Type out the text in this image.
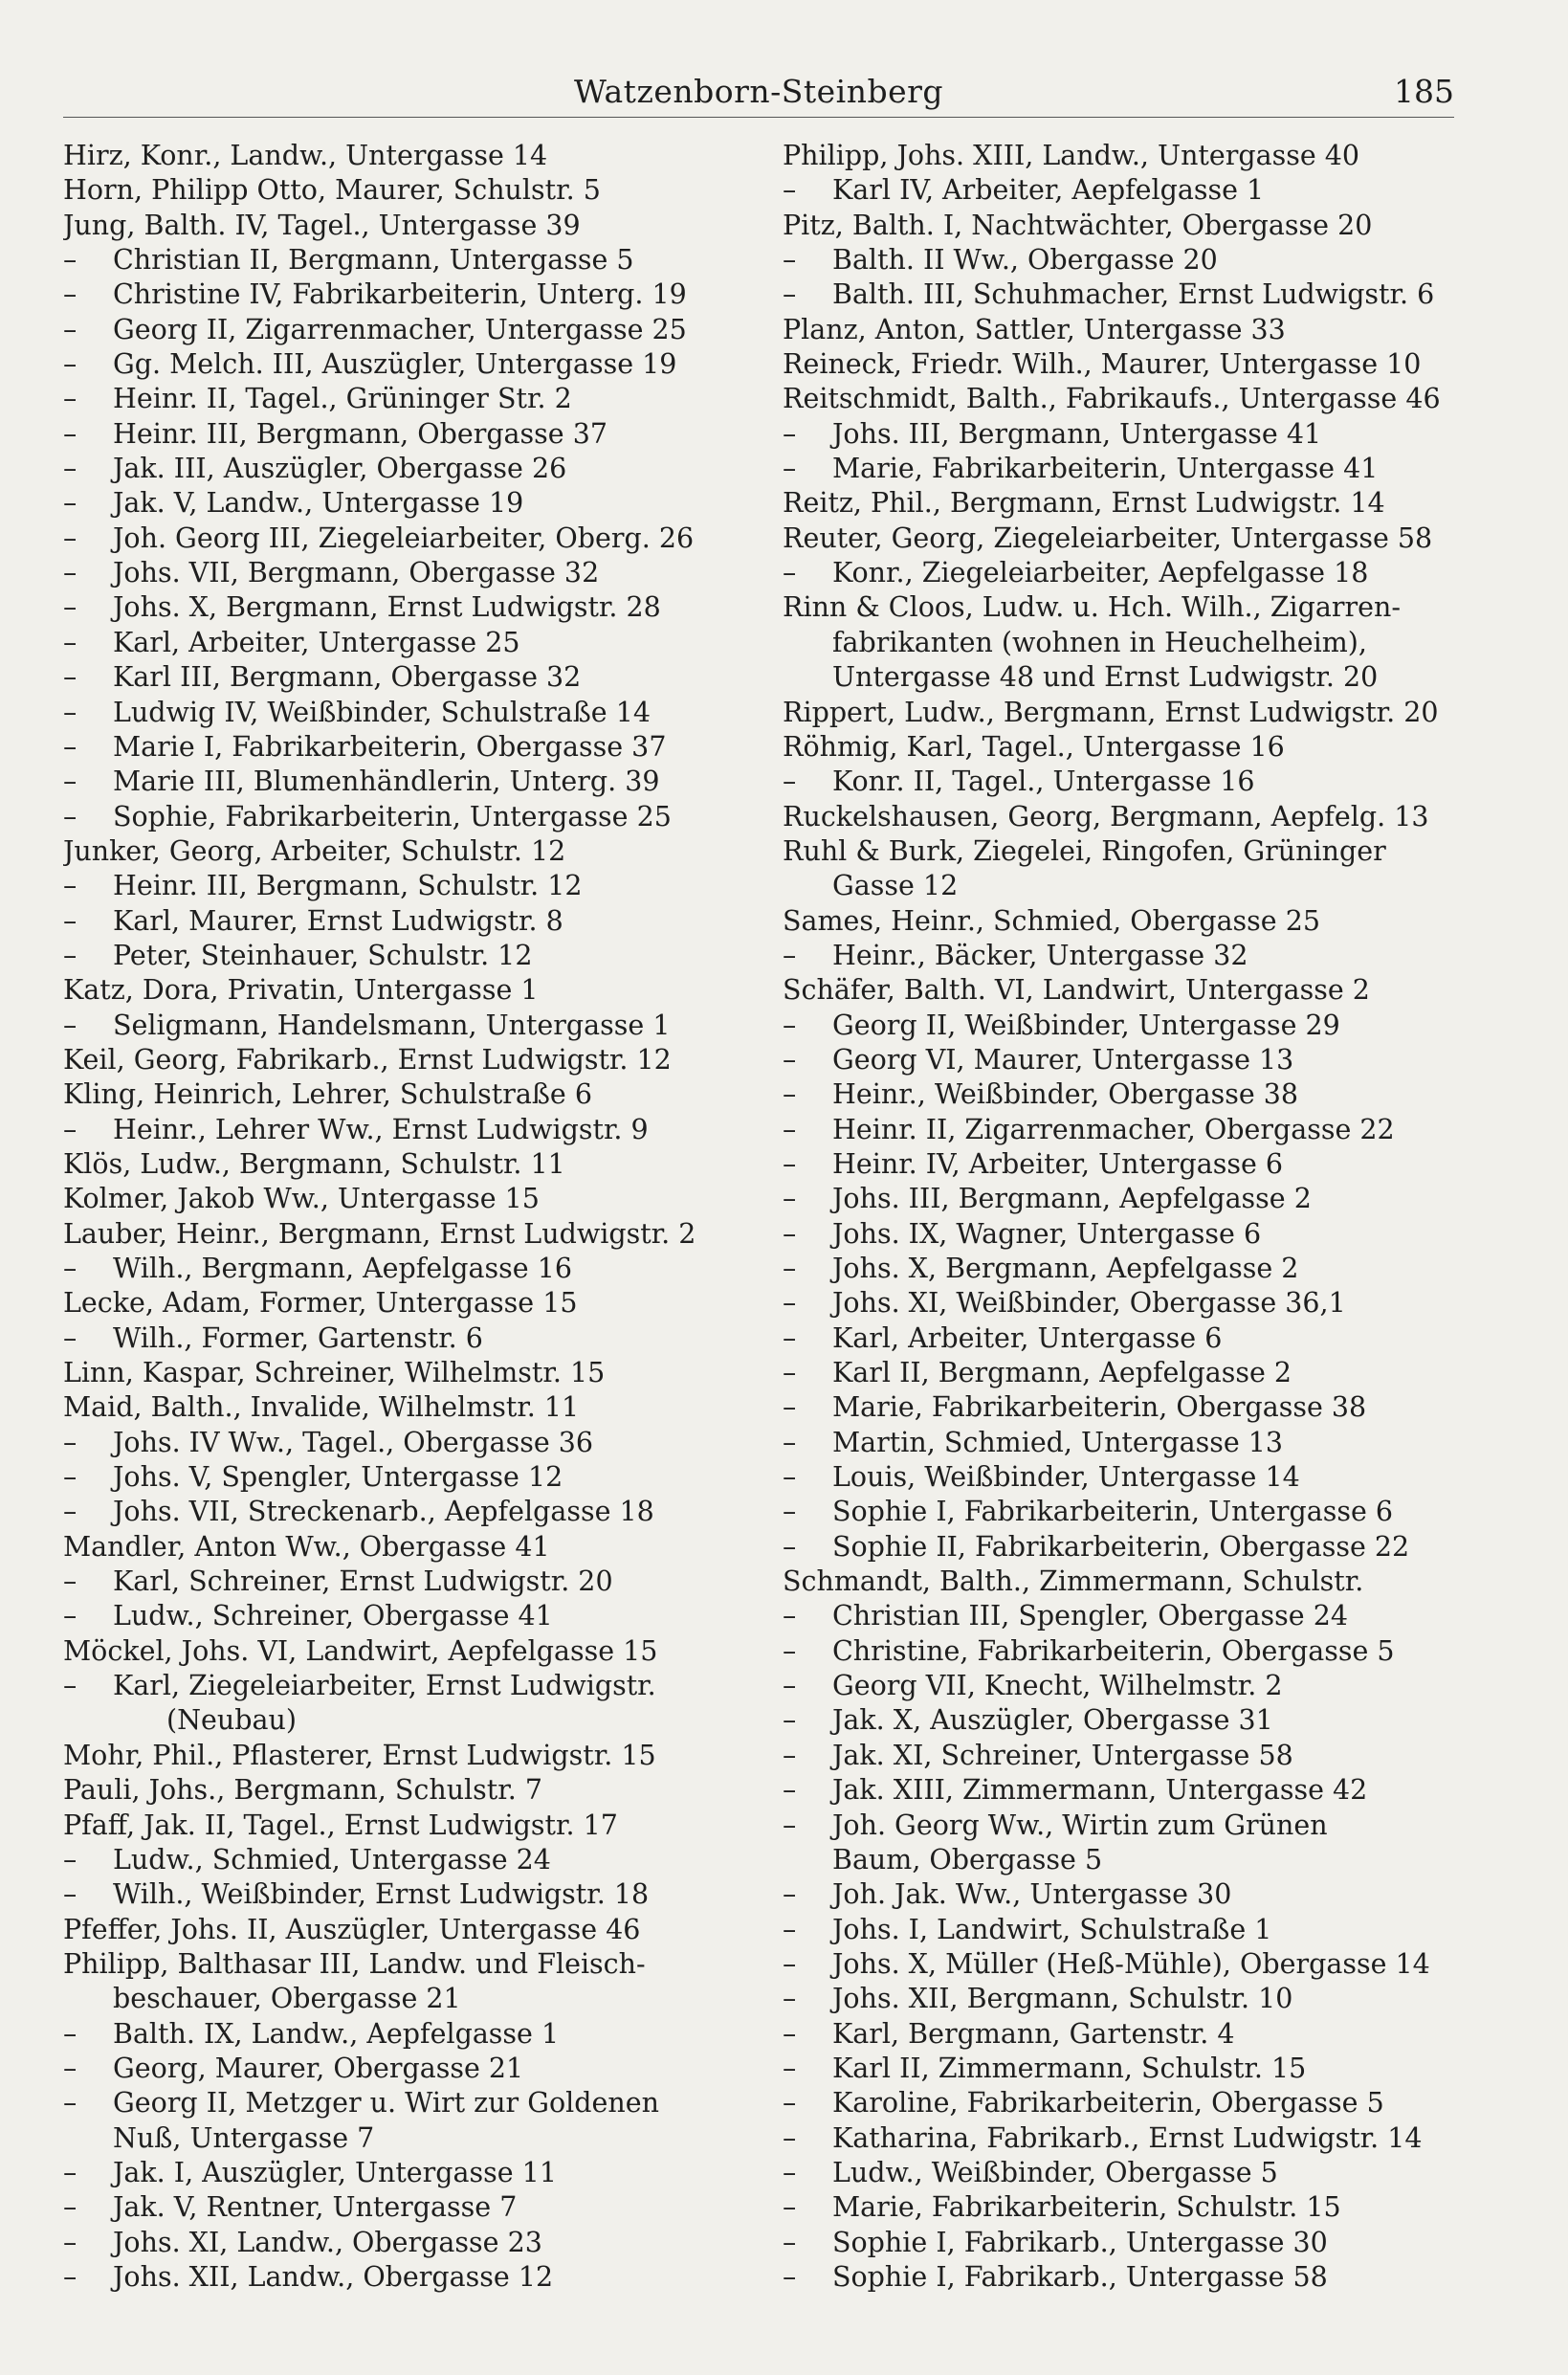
Watzenborn-Steinberg	185
Hirz, Konr., Landw., Untergasse 14
Horn, Philipp Otto, Maurer, Schulstr. 5
Jung, Balth. IV, Tagel., Untergasse 39
– Christian II, Bergmann, Untergasse 5
– Christine IV, Fabrikarbeiterin, Unterg. 19
– Georg II, Zigarrenmacher, Untergasse 25
– Gg. Melch. III, Auszügler, Untergasse 19
– Heinr. II, Tagel., Grüninger Str. 2
– Heinr. III, Bergmann, Obergasse 37
– Jak. III, Auszügler, Obergasse 26
– Jak. V, Landw., Untergasse 19
– Joh. Georg III, Ziegeleiarbeiter, Oberg. 26
– Johs. VII, Bergmann, Obergasse 32
– Johs. X, Bergmann, Ernst Ludwigstr. 28
– Karl, Arbeiter, Untergasse 25
– Karl III, Bergmann, Obergasse 32
– Ludwig IV, Weißbinder, Schulstraße 14
– Marie I, Fabrikarbeiterin, Obergasse 37
– Marie III, Blumenhändlerin, Unterg. 39
– Sophie, Fabrikarbeiterin, Untergasse 25
Junker, Georg, Arbeiter, Schulstr. 12
– Heinr. III, Bergmann, Schulstr. 12
– Karl, Maurer, Ernst Ludwigstr. 8
– Peter, Steinhauer, Schulstr. 12
Katz, Dora, Privatin, Untergasse 1
– Seligmann, Handelsmann, Untergasse 1
Keil, Georg, Fabrikarb., Ernst Ludwigstr. 12
Kling, Heinrich, Lehrer, Schulstraße 6
– Heinr., Lehrer Ww., Ernst Ludwigstr. 9
Klös, Ludw., Bergmann, Schulstr. 11
Kolmer, Jakob Ww., Untergasse 15
Lauber, Heinr., Bergmann, Ernst Ludwigstr. 2
– Wilh., Bergmann, Aepfelgasse 16
Lecke, Adam, Former, Untergasse 15
– Wilh., Former, Gartenstr. 6
Linn, Kaspar, Schreiner, Wilhelmstr. 15
Maid, Balth., Invalide, Wilhelmstr. 11
– Johs. IV Ww., Tagel., Obergasse 36
– Johs. V, Spengler, Untergasse 12
– Johs. VII, Streckenarb., Aepfelgasse 18
Mandler, Anton Ww., Obergasse 41
– Karl, Schreiner, Ernst Ludwigstr. 20
– Ludw., Schreiner, Obergasse 41
Möckel, Johs. VI, Landwirt, Aepfelgasse 15
– Karl, Ziegeleiarbeiter, Ernst Ludwigstr.
(Neubau)
Mohr, Phil., Pflasterer, Ernst Ludwigstr. 15
Pauli, Johs., Bergmann, Schulstr. 7
Pfaff, Jak. II, Tagel., Ernst Ludwigstr. 17
– Ludw., Schmied, Untergasse 24
– Wilh., Weißbinder, Ernst Ludwigstr. 18
Pfeffer, Johs. II, Auszügler, Untergasse 46
Philipp, Balthasar III, Landw. und Fleisch-
beschauer, Obergasse 21
– Balth. IX, Landw., Aepfelgasse 1
– Georg, Maurer, Obergasse 21
– Georg II, Metzger u. Wirt zur Goldenen
Nuß, Untergasse 7
– Jak. I, Auszügler, Untergasse 11
– Jak. V, Rentner, Untergasse 7
– Johs. XI, Landw., Obergasse 23
– Johs. XII, Landw., Obergasse 12
Philipp, Johs. XIII, Landw., Untergasse 40
– Karl IV, Arbeiter, Aepfelgasse 1
Pitz, Balth. I, Nachtwächter, Obergasse 20
– Balth. II Ww., Obergasse 20
– Balth. III, Schuhmacher, Ernst Ludwigstr. 6
Planz, Anton, Sattler, Untergasse 33
Reineck, Friedr. Wilh., Maurer, Untergasse 10
Reitschmidt, Balth., Fabrikaufs., Untergasse 46
– Johs. III, Bergmann, Untergasse 41
– Marie, Fabrikarbeiterin, Untergasse 41
Reitz, Phil., Bergmann, Ernst Ludwigstr. 14
Reuter, Georg, Ziegeleiarbeiter, Untergasse 58
– Konr., Ziegeleiarbeiter, Aepfelgasse 18
Rinn & Cloos, Ludw. u. Hch. Wilh., Zigarren-
fabrikanten (wohnen in Heuchelheim),
Untergasse 48 und Ernst Ludwigstr. 20
Rippert, Ludw., Bergmann, Ernst Ludwigstr. 20
Röhmig, Karl, Tagel., Untergasse 16
– Konr. II, Tagel., Untergasse 16
Ruckelshausen, Georg, Bergmann, Aepfelg. 13
Ruhl & Burk, Ziegelei, Ringofen, Grüninger
Gasse 12
Sames, Heinr., Schmied, Obergasse 25
– Heinr., Bäcker, Untergasse 32
Schäfer, Balth. VI, Landwirt, Untergasse 2
– Georg II, Weißbinder, Untergasse 29
– Georg VI, Maurer, Untergasse 13
– Heinr., Weißbinder, Obergasse 38
– Heinr. II, Zigarrenmacher, Obergasse 22
– Heinr. IV, Arbeiter, Untergasse 6
– Johs. III, Bergmann, Aepfelgasse 2
– Johs. IX, Wagner, Untergasse 6
– Johs. X, Bergmann, Aepfelgasse 2
– Johs. XI, Weißbinder, Obergasse 36,1
– Karl, Arbeiter, Untergasse 6
– Karl II, Bergmann, Aepfelgasse 2
– Marie, Fabrikarbeiterin, Obergasse 38
– Martin, Schmied, Untergasse 13
– Louis, Weißbinder, Untergasse 14
– Sophie I, Fabrikarbeiterin, Untergasse 6
– Sophie II, Fabrikarbeiterin, Obergasse 22
Schmandt, Balth., Zimmermann, Schulstr.
– Christian III, Spengler, Obergasse 24
– Christine, Fabrikarbeiterin, Obergasse 5
– Georg VII, Knecht, Wilhelmstr. 2
– Jak. X, Auszügler, Obergasse 31
– Jak. XI, Schreiner, Untergasse 58
– Jak. XIII, Zimmermann, Untergasse 42
– Joh. Georg Ww., Wirtin zum Grünen
Baum, Obergasse 5
– Joh. Jak. Ww., Untergasse 30
– Johs. I, Landwirt, Schulstraße 1
– Johs. X, Müller (Heß-Mühle), Obergasse 14
– Johs. XII, Bergmann, Schulstr. 10
– Karl, Bergmann, Gartenstr. 4
– Karl II, Zimmermann, Schulstr. 15
– Karoline, Fabrikarbeiterin, Obergasse 5
– Katharina, Fabrikarb., Ernst Ludwigstr. 14
– Ludw., Weißbinder, Obergasse 5
– Marie, Fabrikarbeiterin, Schulstr. 15
– Sophie I, Fabrikarb., Untergasse 30
– Sophie I, Fabrikarb., Untergasse 58
